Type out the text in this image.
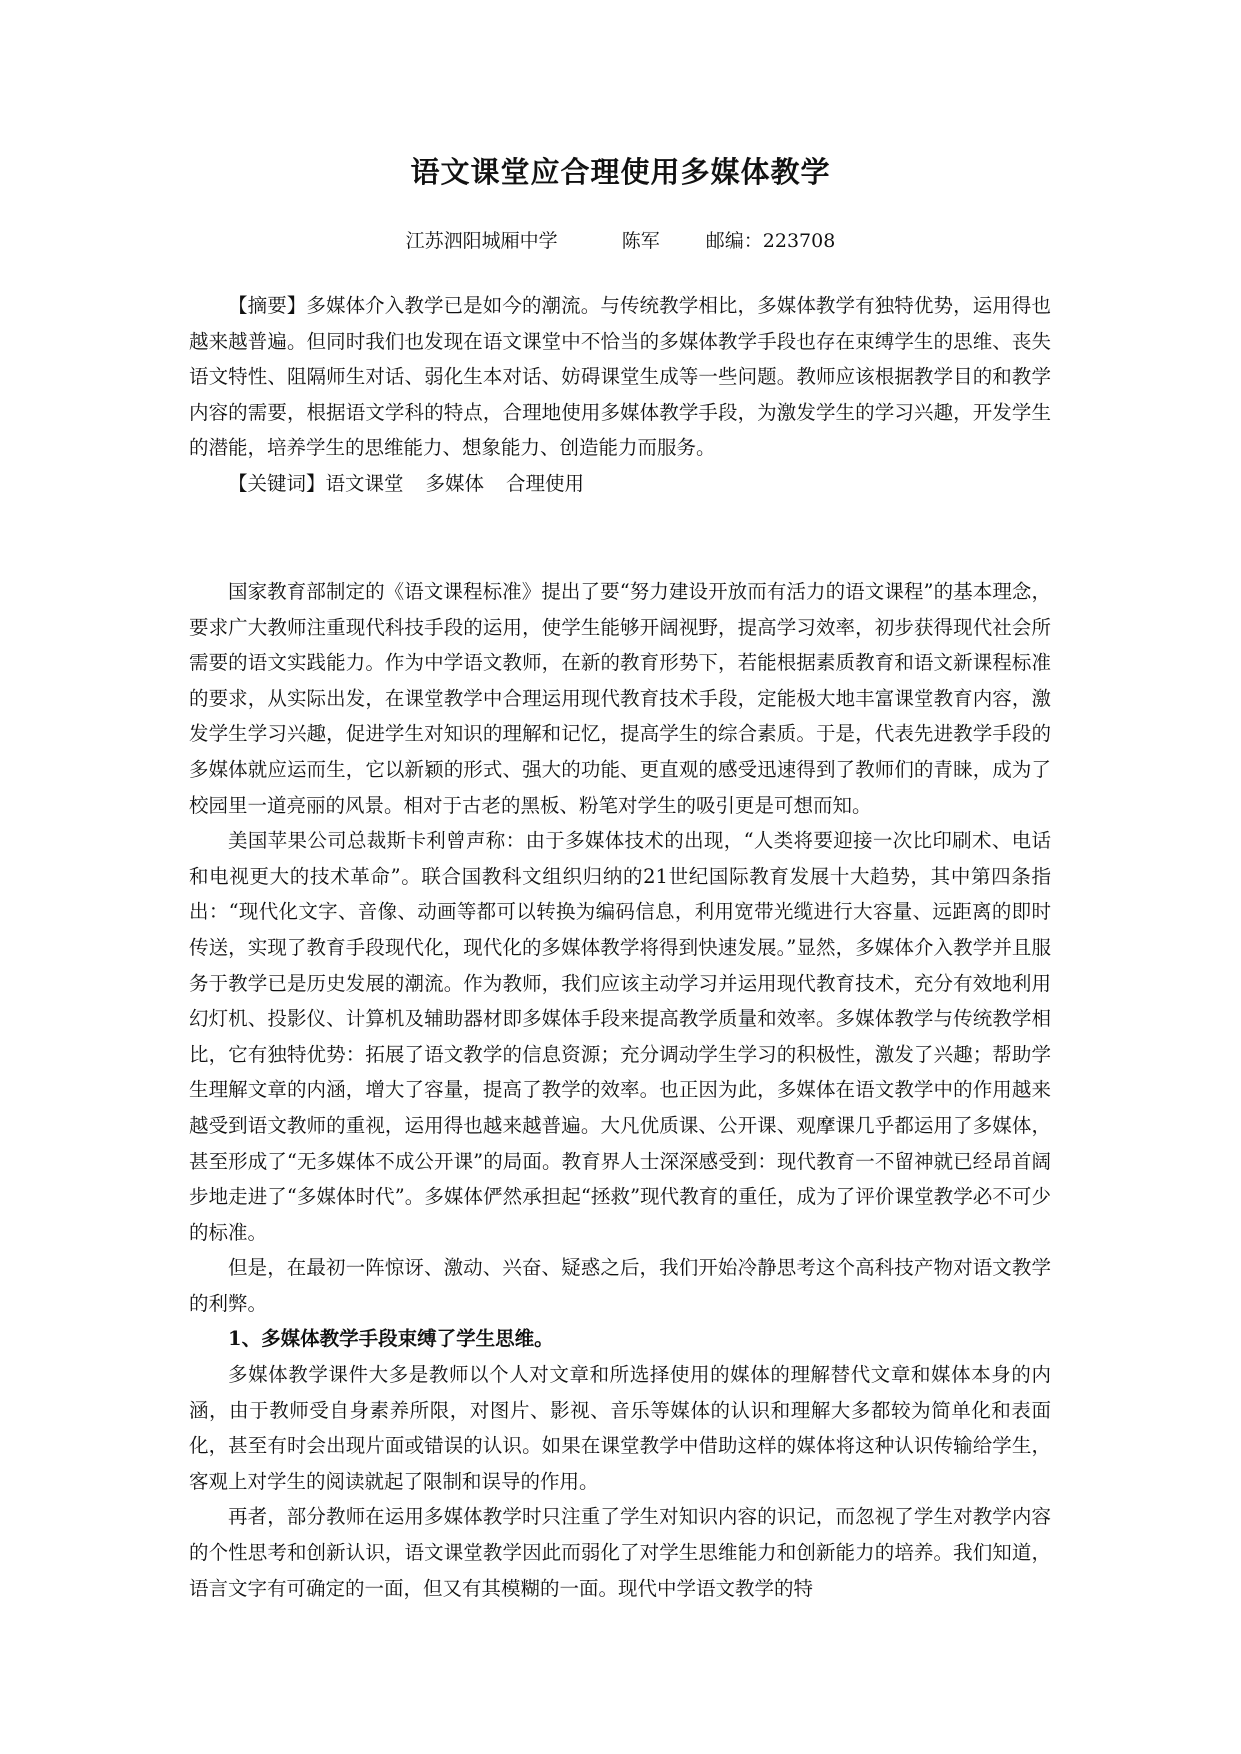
语文课堂应合理使用多媒体教学
江苏泗阳城厢中学	陈军 邮编：223708

【摘要】多媒体介入教学已是如今的潮流。与传统教学相比，多媒体教学有独特优势，运用得也越来越普遍。但同时我们也发现在语文课堂中不恰当的多媒体教学手段也存在束缚学生的思维、丧失语文特性、阻隔师生对话、弱化生本对话、妨碍课堂生成等一些问题。教师应该根据教学目的和教学内容的需要，根据语文学科的特点，合理地使用多媒体教学手段，为激发学生的学习兴趣，开发学生的潜能，培养学生的思维能力、想象能力、创造能力而服务。

【关键词】语文课堂 多媒体 合理使用

国家教育部制定的《语文课程标准》提出了要“努力建设开放而有活力的语文课程”的基本理念，要求广大教师注重现代科技手段的运用，使学生能够开阔视野，提高学习效率，初步获得现代社会所需要的语文实践能力。作为中学语文教师，在新的教育形势下，若能根据素质教育和语文新课程标准的要求，从实际出发，在课堂教学中合理运用现代教育技术手段，定能极大地丰富课堂教育内容，激发学生学习兴趣，促进学生对知识的理解和记忆，提高学生的综合素质。于是，代表先进教学手段的多媒体就应运而生，它以新颖的形式、强大的功能、更直观的感受迅速得到了教师们的青睐，成为了校园里一道亮丽的风景。相对于古老的黑板、粉笔对学生的吸引更是可想而知。

美国苹果公司总裁斯卡利曾声称：由于多媒体技术的出现，“人类将要迎接一次比印刷术、电话和电视更大的技术革命”。联合国教科文组织归纳的21世纪国际教育发展十大趋势，其中第四条指出：“现代化文字、音像、动画等都可以转换为编码信息，利用宽带光缆进行大容量、远距离的即时传送，实现了教育手段现代化，现代化的多媒体教学将得到快速发展。”显然，多媒体介入教学并且服务于教学已是历史发展的潮流。作为教师，我们应该主动学习并运用现代教育技术，充分有效地利用幻灯机、投影仪、计算机及辅助器材即多媒体手段来提高教学质量和效率。多媒体教学与传统教学相比，它有独特优势：拓展了语文教学的信息资源；充分调动学生学习的积极性，激发了兴趣；帮助学生理解文章的内涵，增大了容量，提高了教学的效率。也正因为此，多媒体在语文教学中的作用越来越受到语文教师的重视，运用得也越来越普遍。大凡优质课、公开课、观摩课几乎都运用了多媒体，甚至形成了“无多媒体不成公开课”的局面。教育界人士深深感受到：现代教育一不留神就已经昂首阔步地走进了“多媒体时代”。多媒体俨然承担起“拯救”现代教育的重任，成为了评价课堂教学必不可少的标准。

但是，在最初一阵惊讶、激动、兴奋、疑惑之后，我们开始冷静思考这个高科技产物对语文教学的利弊。

1、多媒体教学手段束缚了学生思维。

多媒体教学课件大多是教师以个人对文章和所选择使用的媒体的理解替代文章和媒体本身的内涵，由于教师受自身素养所限，对图片、影视、音乐等媒体的认识和理解大多都较为简单化和表面化，甚至有时会出现片面或错误的认识。如果在课堂教学中借助这样的媒体将这种认识传输给学生，客观上对学生的阅读就起了限制和误导的作用。

再者，部分教师在运用多媒体教学时只注重了学生对知识内容的识记，而忽视了学生对教学内容的个性思考和创新认识，语文课堂教学因此而弱化了对学生思维能力和创新能力的培养。我们知道，语言文字有可确定的一面，但又有其模糊的一面。现代中学语文教学的特
